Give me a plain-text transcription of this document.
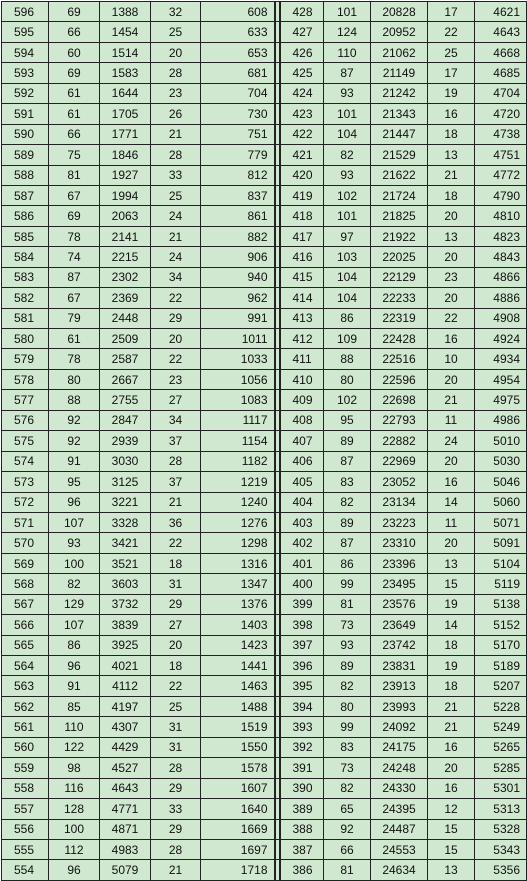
596	69	1388	32	608		428	101	20828	17	4621
595	66	1454	25	633		427	124	20952	22	4643
594	60	1514	20	653		426	110	21062	25	4668
593	69	1583	28	681		425	87	21149	17	4685
592	61	1644	23	704		424	93	21242	19	4704
591	61	1705	26	730		423	101	21343	16	4720
590	66	1771	21	751		422	104	21447	18	4738
589	75	1846	28	779		421	82	21529	13	4751
588	81	1927	33	812		420	93	21622	21	4772
587	67	1994	25	837		419	102	21724	18	4790
586	69	2063	24	861		418	101	21825	20	4810
585	78	2141	21	882		417	97	21922	13	4823
584	74	2215	24	906		416	103	22025	20	4843
583	87	2302	34	940		415	104	22129	23	4866
582	67	2369	22	962		414	104	22233	20	4886
581	79	2448	29	991		413	86	22319	22	4908
580	61	2509	20	1011		412	109	22428	16	4924
579	78	2587	22	1033		411	88	22516	10	4934
578	80	2667	23	1056		410	80	22596	20	4954
577	88	2755	27	1083		409	102	22698	21	4975
576	92	2847	34	1117		408	95	22793	11	4986
575	92	2939	37	1154		407	89	22882	24	5010
574	91	3030	28	1182		406	87	22969	20	5030
573	95	3125	37	1219		405	83	23052	16	5046
572	96	3221	21	1240		404	82	23134	14	5060
571	107	3328	36	1276		403	89	23223	11	5071
570	93	3421	22	1298		402	87	23310	20	5091
569	100	3521	18	1316		401	86	23396	13	5104
568	82	3603	31	1347		400	99	23495	15	5119
567	129	3732	29	1376		399	81	23576	19	5138
566	107	3839	27	1403		398	73	23649	14	5152
565	86	3925	20	1423		397	93	23742	18	5170
564	96	4021	18	1441		396	89	23831	19	5189
563	91	4112	22	1463		395	82	23913	18	5207
562	85	4197	25	1488		394	80	23993	21	5228
561	110	4307	31	1519		393	99	24092	21	5249
560	122	4429	31	1550		392	83	24175	16	5265
559	98	4527	28	1578		391	73	24248	20	5285
558	116	4643	29	1607		390	82	24330	16	5301
557	128	4771	33	1640		389	65	24395	12	5313
556	100	4871	29	1669		388	92	24487	15	5328
555	112	4983	28	1697		387	66	24553	15	5343
554	96	5079	21	1718		386	81	24634	13	5356
